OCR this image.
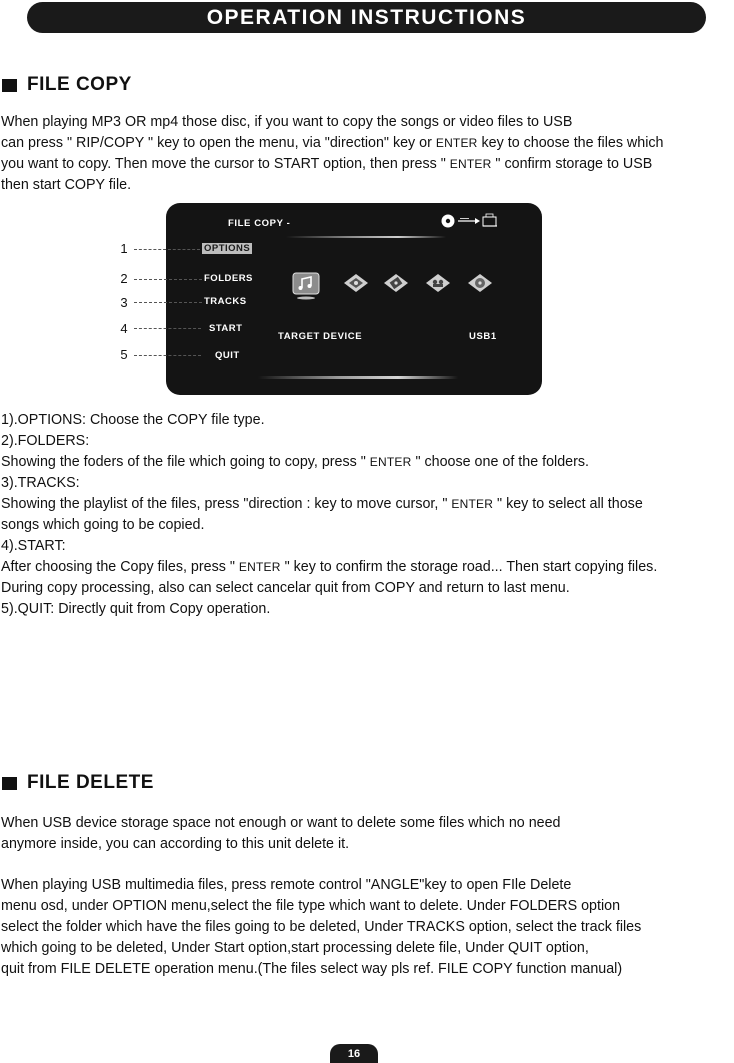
OPERATION INSTRUCTIONS
FILE COPY
When playing MP3 OR mp4 those disc, if you want to copy the songs or video files to USB
can press " RIP/COPY " key to open the menu, via "direction" key or ENTER key to choose the files which
you want to copy. Then move the cursor to START option, then press " ENTER " confirm storage to USB
then start COPY file.
FILE COPY -
OPTIONS
FOLDERS
TRACKS
START
QUIT
TARGET DEVICE	USB1
1
2
3
4
5
1).OPTIONS: Choose the COPY file type.
2).FOLDERS:
Showing the foders of the file which going to copy, press " ENTER " choose one of the folders.
3).TRACKS:
Showing the playlist of the files, press "direction : key to move cursor, " ENTER " key to select all those
songs which going to be copied.
4).START:
After choosing the Copy files, press " ENTER " key to confirm the storage road... Then start copying files.
During copy processing, also can select cancelar quit from COPY and return to last menu.
5).QUIT: Directly quit from Copy operation.
FILE DELETE
When USB device storage space not enough or want to delete some files which no need
anymore inside, you can according to this unit delete it.
When playing USB multimedia files, press remote control "ANGLE"key to open FIle Delete
menu osd, under OPTION menu,select the file type which want to delete. Under FOLDERS option
select the folder which have the files going to be deleted, Under TRACKS option, select the track files
which going to be deleted, Under Start option,start processing delete file, Under QUIT option,
quit from FILE DELETE operation menu.(The files select way pls ref. FILE COPY function manual)
16
